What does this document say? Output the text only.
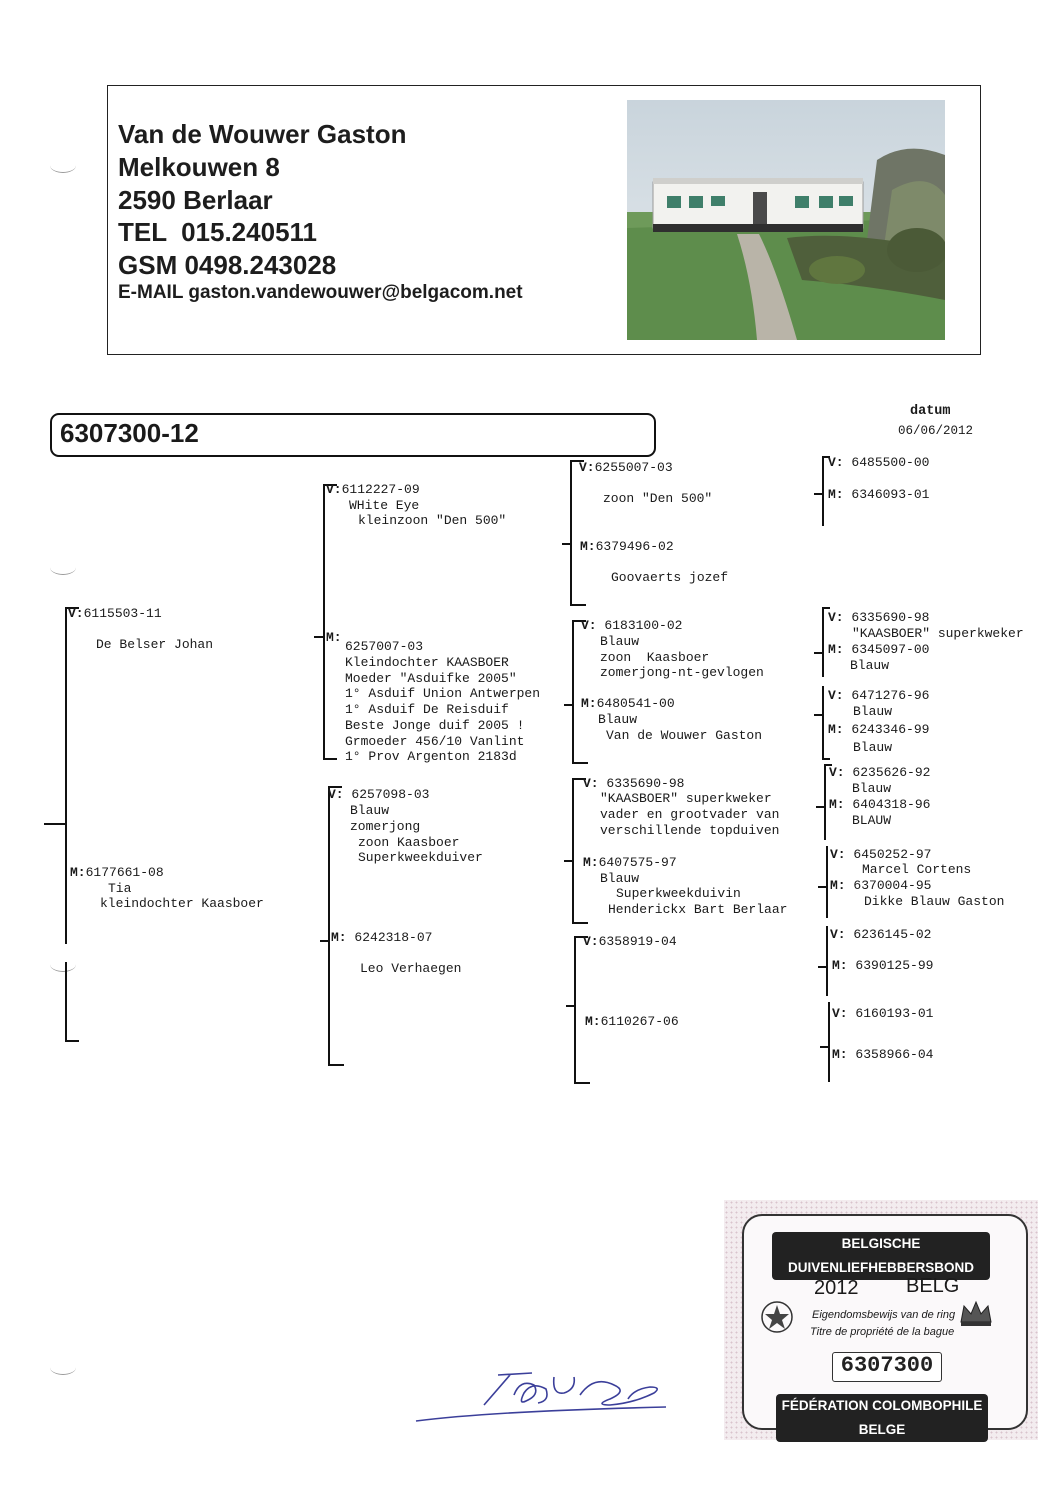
Van de Wouwer Gaston
Melkouwen 8
2590 Berlaar
TEL  015.240511
GSM 0498.243028
E-MAIL gaston.vandewouwer@belgacom.net
6307300-12
datum
06/06/2012
V:6115503-11
De Belser Johan
M:6177661-08
Tia
kleindochter Kaasboer
V:6112227-09
WHite Eye
kleinzoon "Den 500"
M:
6257007-03
Kleindochter KAASBOER
Moeder "Asduifke 2005"
1° Asduif Union Antwerpen
1° Asduif De Reisduif
Beste Jonge duif 2005 !
Grmoeder 456/10 Vanlint
1° Prov Argenton 2183d
V: 6257098-03
Blauw
zomerjong
zoon Kaasboer
Superkweekduiver
M: 6242318-07
Leo Verhaegen
V:6255007-03
zoon "Den 500"
M:6379496-02
Goovaerts jozef
V: 6183100-02
Blauw
zoon  Kaasboer
zomerjong-nt-gevlogen
M:6480541-00
Blauw
Van de Wouwer Gaston
V: 6335690-98
"KAASBOER" superkweker
vader en grootvader van
verschillende topduiven
M:6407575-97
Blauw
Superkweekduivin
Henderickx Bart Berlaar
V:6358919-04
M:6110267-06
V: 6485500-00
M: 6346093-01
V: 6335690-98
"KAASBOER" superkweker
M: 6345097-00
Blauw
V: 6471276-96
Blauw
M: 6243346-99
Blauw
V: 6235626-92
Blauw
M: 6404318-96
BLAUW
V: 6450252-97
Marcel Cortens
M: 6370004-95
Dikke Blauw Gaston
V: 6236145-02
M: 6390125-99
V: 6160193-01
M: 6358966-04
BELGISCHE DUIVENLIEFHEBBERSBOND
2012 BELG
Eigendomsbewijs van de ring
Titre de propriété de la bague
6307300
FÉDÉRATION COLOMBOPHILE BELGE
